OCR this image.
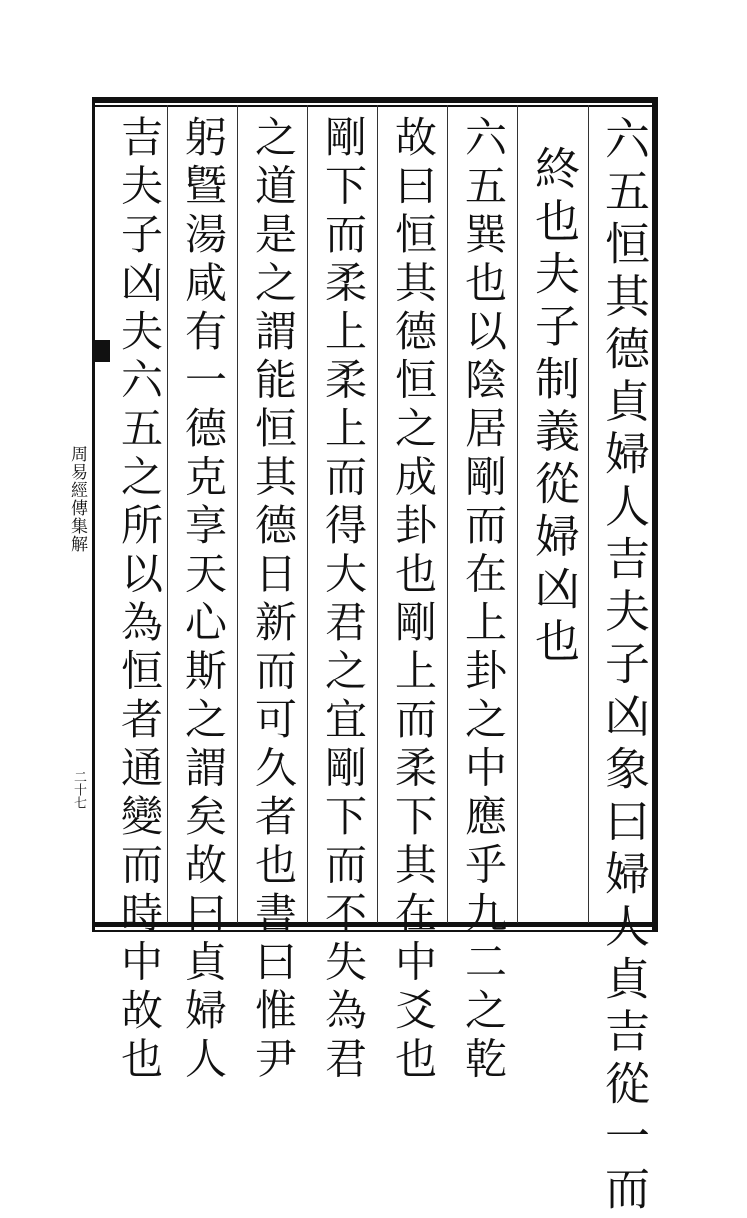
周易經傳集解
二十七	六五恒其德貞婦人吉夫子凶象曰婦人貞吉從一而
終也夫子制義從婦凶也
六五巽也以陰居剛而在上卦之中應乎九二之乾
故曰恒其德恒之成卦也剛上而柔下其在中爻也
剛下而柔上柔上而得大君之宜剛下而不失為君
之道是之謂能恒其德日新而可久者也書曰惟尹
躬曁湯咸有一德克享天心斯之謂矣故曰貞婦人
吉夫子凶夫六五之所以為恒者通變而時中故也
